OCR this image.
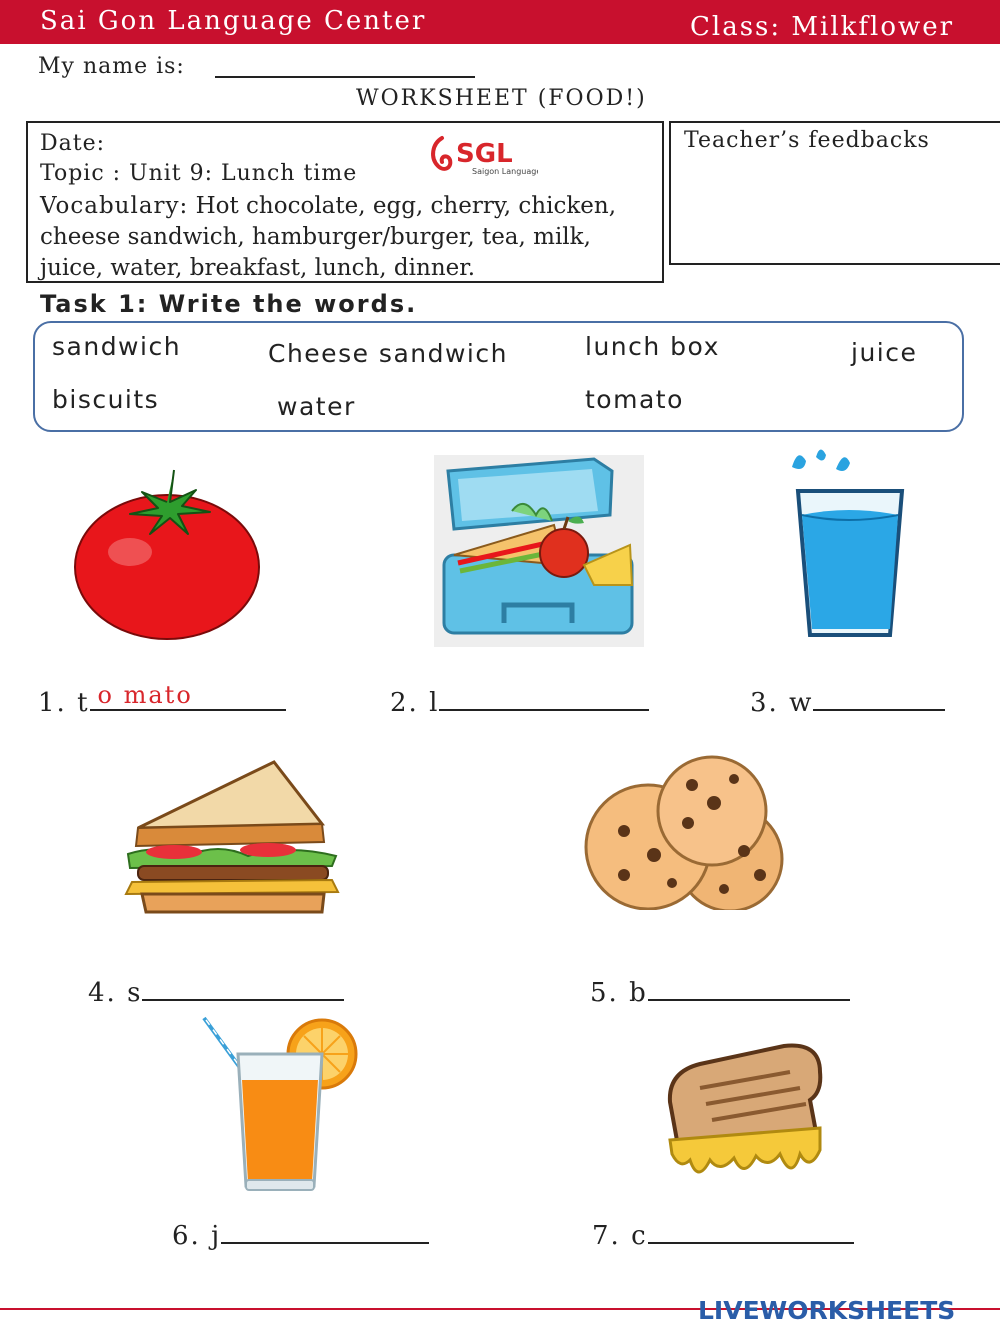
Sai Gon Language Center	Class: Milkflower
My name is:
WORKSHEET (FOOD!)
Date:
Topic : Unit 9: Lunch time
Vocabulary: Hot chocolate, egg, cherry, chicken, cheese sandwich, hamburger/burger, tea, milk, juice, water, breakfast, lunch, dinner.
SGL
Saigon Language
Teacher’s feedbacks
Task 1: Write the words.
sandwich	Cheese sandwich	lunch box	juice
biscuits	water	tomato
1. t o mato	2. l	3. w
4. s	5. b
6. j	7. c
LIVEWORKSHEETS
